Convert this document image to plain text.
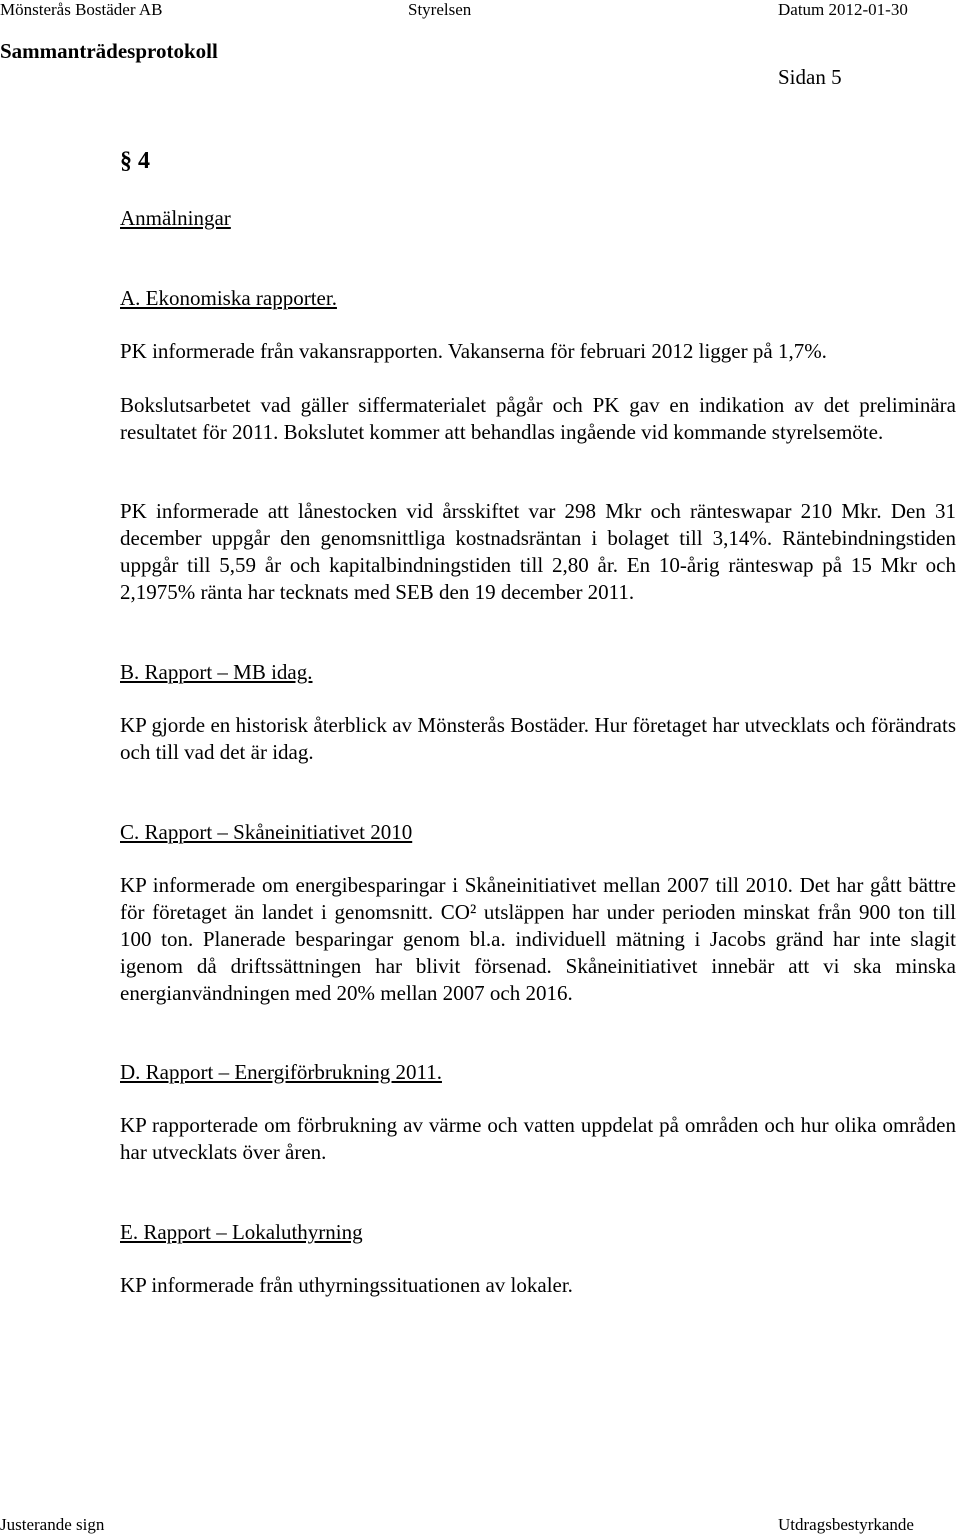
Mönsterås Bostäder AB	Styrelsen	Datum 2012-01-30
Sammanträdesprotokoll
Sidan 5
§ 4

Anmälningar

A. Ekonomiska rapporter.

PK informerade från vakansrapporten. Vakanserna för februari 2012 ligger på 1,7%.

Bokslutsarbetet vad gäller siffermaterialet pågår och PK gav en indikation av det preliminära resultatet för 2011. Bokslutet kommer att behandlas ingående vid kommande styrelsemöte.

PK informerade att lånestocken vid årsskiftet var 298 Mkr och ränteswapar 210 Mkr. Den 31 december uppgår den genomsnittliga kostnadsräntan i bolaget till 3,14%. Räntebindningstiden uppgår till 5,59 år och kapitalbindningstiden till 2,80 år. En 10-årig ränteswap på 15 Mkr och 2,1975% ränta har tecknats med SEB den 19 december 2011.

B. Rapport – MB idag.

KP gjorde en historisk återblick av Mönsterås Bostäder. Hur företaget har utvecklats och förändrats och till vad det är idag.

C. Rapport – Skåneinitiativet 2010

KP informerade om energibesparingar i Skåneinitiativet mellan 2007 till 2010. Det har gått bättre för företaget än landet i genomsnitt. CO² utsläppen har under perioden minskat från 900 ton till 100 ton. Planerade besparingar genom bl.a. individuell mätning i Jacobs gränd har inte slagit igenom då driftssättningen har blivit försenad. Skåneinitiativet innebär att vi ska minska energianvändningen med 20% mellan 2007 och 2016.

D. Rapport – Energiförbrukning 2011.

KP rapporterade om förbrukning av värme och vatten uppdelat på områden och hur olika områden har utvecklats över åren.

E. Rapport – Lokaluthyrning

KP informerade från uthyrningssituationen av lokaler.

Justerande sign	Utdragsbestyrkande
